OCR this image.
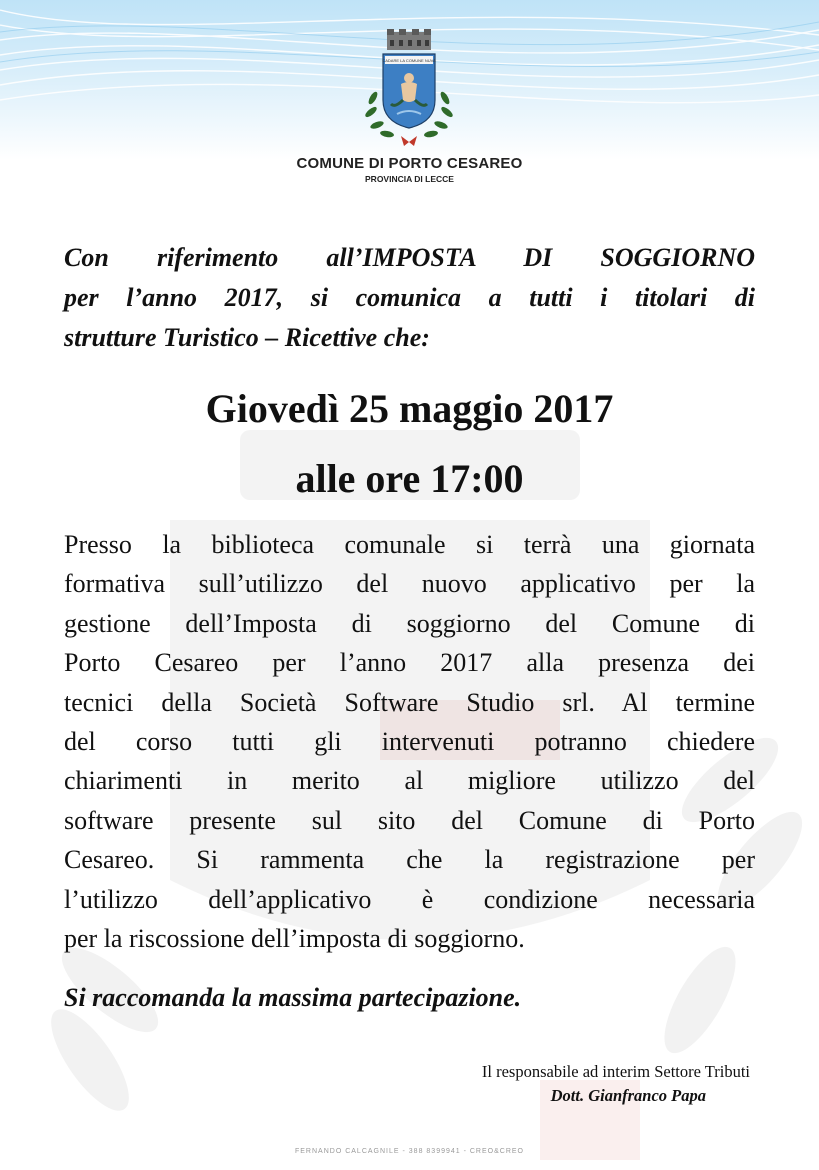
CADARE LA COMUNE NUVA
COMUNE DI PORTO CESAREO
PROVINCIA DI LECCE

Con riferimento all’IMPOSTA DI SOGGIORNO

per l’anno 2017, si comunica a tutti i titolari di

strutture Turistico – Ricettive che:

Giovedì 25 maggio 2017
alle ore 17:00
Presso la biblioteca comunale si terrà una giornata
formativa sull’utilizzo del nuovo applicativo per la
gestione dell’Imposta di soggiorno del Comune di
Porto Cesareo per l’anno 2017 alla presenza dei
tecnici della Società Software Studio srl. Al termine
del corso tutti gli intervenuti potranno chiedere
chiarimenti in merito al migliore utilizzo del
software presente sul sito del Comune di Porto
Cesareo. Si rammenta che la registrazione per
l’utilizzo dell’applicativo è condizione necessaria
per la riscossione dell’imposta di soggiorno.
Si raccomanda la massima partecipazione.
Il responsabile ad interim Settore Tributi
Dott. Gianfranco Papa
FERNANDO CALCAGNILE - 388 8399941 - CREO&CREO
